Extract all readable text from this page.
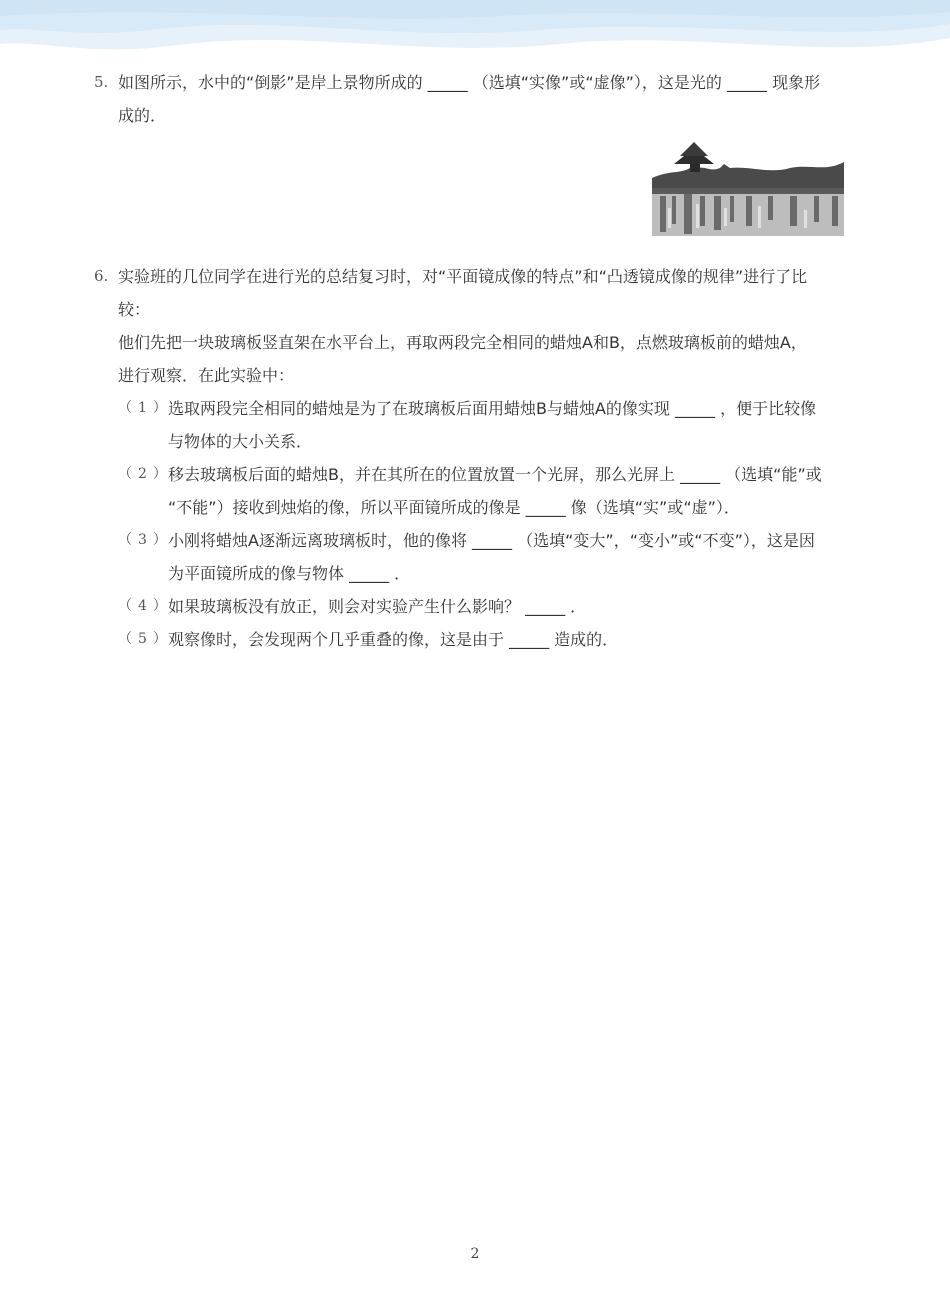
5. 如图所示，水中的“倒影”是岸上景物所成的 _____ （选填“实像”或“虚像”），这是光的 _____ 现象形
成的．
6. 实验班的几位同学在进行光的总结复习时，对“平面镜成像的特点”和“凸透镜成像的规律”进行了比
较：
他们先把一块玻璃板竖直架在水平台上，再取两段完全相同的蜡烛A和B，点燃玻璃板前的蜡烛A，
进行观察．在此实验中：
（1）
选取两段完全相同的蜡烛是为了在玻璃板后面用蜡烛B与蜡烛A的像实现 _____ ，便于比较像
与物体的大小关系．
（2）
移去玻璃板后面的蜡烛B，并在其所在的位置放置一个光屏，那么光屏上 _____ （选填“能”或
“不能”）接收到烛焰的像，所以平面镜所成的像是 _____ 像（选填“实”或“虚”）．
（3）
小刚将蜡烛A逐渐远离玻璃板时，他的像将 _____ （选填“变大”，“变小”或“不变”），这是因
为平面镜所成的像与物体 _____ ．
（4）
如果玻璃板没有放正，则会对实验产生什么影响？ _____ ．
（5）
观察像时，会发现两个几乎重叠的像，这是由于 _____ 造成的．
2
